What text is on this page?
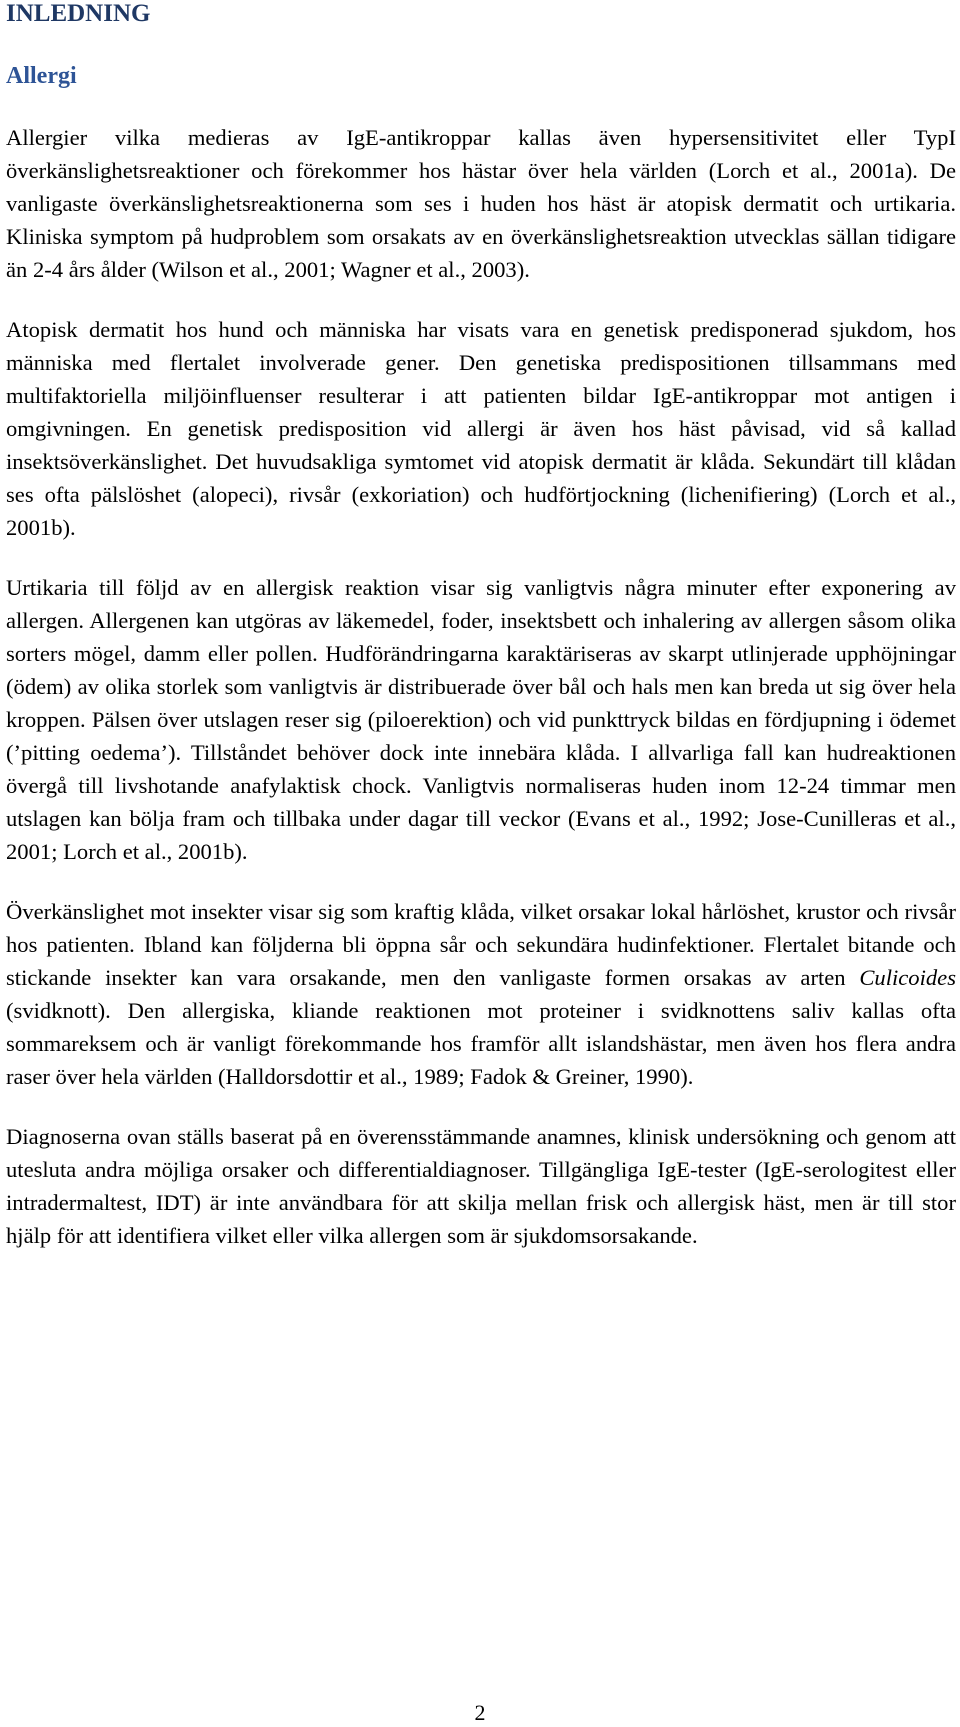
INLEDNING
Allergi

Allergier vilka medieras av IgE-antikroppar kallas även hypersensitivitet eller TypI överkänslighetsreaktioner och förekommer hos hästar över hela världen (Lorch et al., 2001a). De vanligaste överkänslighetsreaktionerna som ses i huden hos häst är atopisk dermatit och urtikaria. Kliniska symptom på hudproblem som orsakats av en överkänslighetsreaktion utvecklas sällan tidigare än 2-4 års ålder (Wilson et al., 2001; Wagner et al., 2003).

Atopisk dermatit hos hund och människa har visats vara en genetisk predisponerad sjukdom, hos människa med flertalet involverade gener. Den genetiska predispositionen tillsammans med multifaktoriella miljöinfluenser resulterar i att patienten bildar IgE-antikroppar mot antigen i omgivningen. En genetisk predisposition vid allergi är även hos häst påvisad, vid så kallad insektsöverkänslighet. Det huvudsakliga symtomet vid atopisk dermatit är klåda. Sekundärt till klådan ses ofta pälslöshet (alopeci), rivsår (exkoriation) och hudförtjockning (lichenifiering) (Lorch et al., 2001b).

Urtikaria till följd av en allergisk reaktion visar sig vanligtvis några minuter efter exponering av allergen. Allergenen kan utgöras av läkemedel, foder, insektsbett och inhalering av allergen såsom olika sorters mögel, damm eller pollen. Hudförändringarna karaktäriseras av skarpt utlinjerade upphöjningar (ödem) av olika storlek som vanligtvis är distribuerade över bål och hals men kan breda ut sig över hela kroppen. Pälsen över utslagen reser sig (piloerektion) och vid punkttryck bildas en fördjupning i ödemet (’pitting oedema’). Tillståndet behöver dock inte innebära klåda. I allvarliga fall kan hudreaktionen övergå till livshotande anafylaktisk chock. Vanligtvis normaliseras huden inom 12-24 timmar men utslagen kan bölja fram och tillbaka under dagar till veckor (Evans et al., 1992; Jose-Cunilleras et al., 2001; Lorch et al., 2001b).

Överkänslighet mot insekter visar sig som kraftig klåda, vilket orsakar lokal hårlöshet, krustor och rivsår hos patienten. Ibland kan följderna bli öppna sår och sekundära hudinfektioner. Flertalet bitande och stickande insekter kan vara orsakande, men den vanligaste formen orsakas av arten Culicoides (svidknott). Den allergiska, kliande reaktionen mot proteiner i svidknottens saliv kallas ofta sommareksem och är vanligt förekommande hos framför allt islandshästar, men även hos flera andra raser över hela världen (Halldorsdottir et al., 1989; Fadok & Greiner, 1990).

Diagnoserna ovan ställs baserat på en överensstämmande anamnes, klinisk undersökning och genom att utesluta andra möjliga orsaker och differentialdiagnoser. Tillgängliga IgE-tester (IgE-serologitest eller intradermaltest, IDT) är inte användbara för att skilja mellan frisk och allergisk häst, men är till stor hjälp för att identifiera vilket eller vilka allergen som är sjukdomsorsakande.

2
